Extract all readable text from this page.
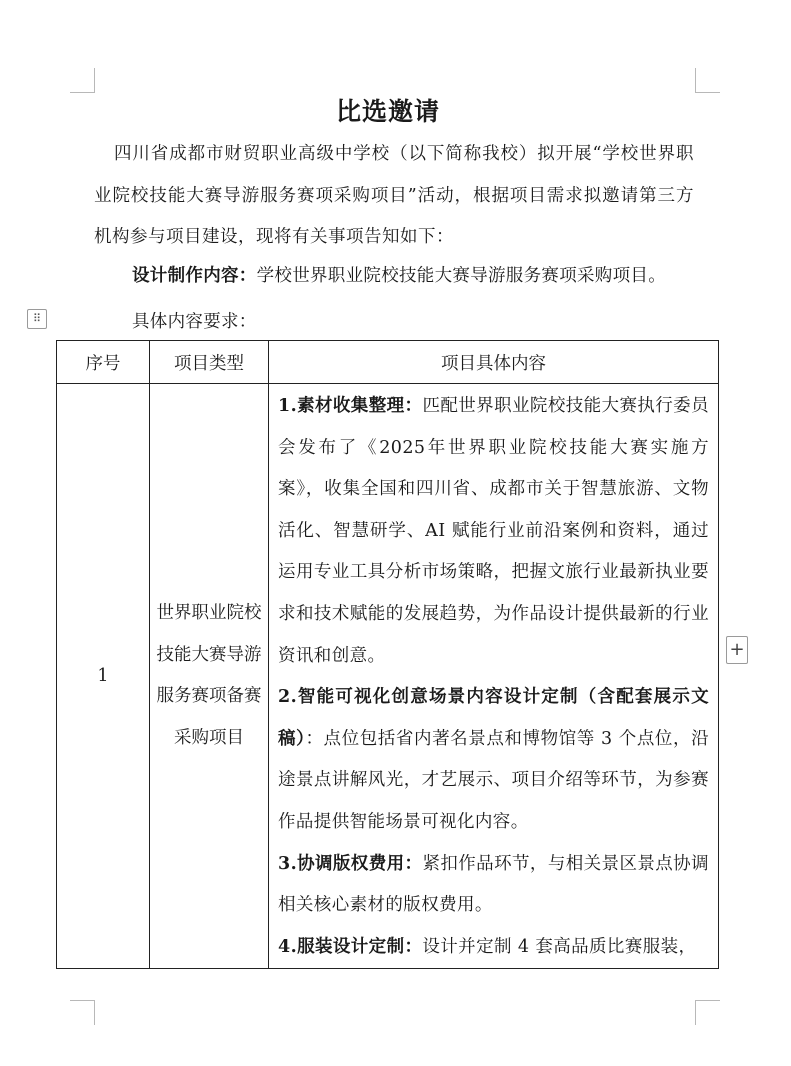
比选邀请
四川省成都市财贸职业高级中学校（以下简称我校）拟开展“学校世界职业院校技能大赛导游服务赛项采购项目”活动，根据项目需求拟邀请第三方机构参与项目建设，现将有关事项告知如下：
设计制作内容：学校世界职业院校技能大赛导游服务赛项采购项目。
具体内容要求：
⠿
序号	项目类型	项目具体内容
1	世界职业院校技能大赛导游服务赛项备赛采购项目	1.素材收集整理：匹配世界职业院校技能大赛执行委员会发布了《2025年世界职业院校技能大赛实施方案》，收集全国和四川省、成都市关于智慧旅游、文物活化、智慧研学、AI 赋能行业前沿案例和资料，通过运用专业工具分析市场策略，把握文旅行业最新执业要求和技术赋能的发展趋势，为作品设计提供最新的行业资讯和创意。

2.智能可视化创意场景内容设计定制（含配套展示文稿）：点位包括省内著名景点和博物馆等 3 个点位，沿途景点讲解风光，才艺展示、项目介绍等环节，为参赛作品提供智能场景可视化内容。

3.协调版权费用：紧扣作品环节，与相关景区景点协调相关核心素材的版权费用。

4.服装设计定制：设计并定制 4 套高品质比赛服装，

+
